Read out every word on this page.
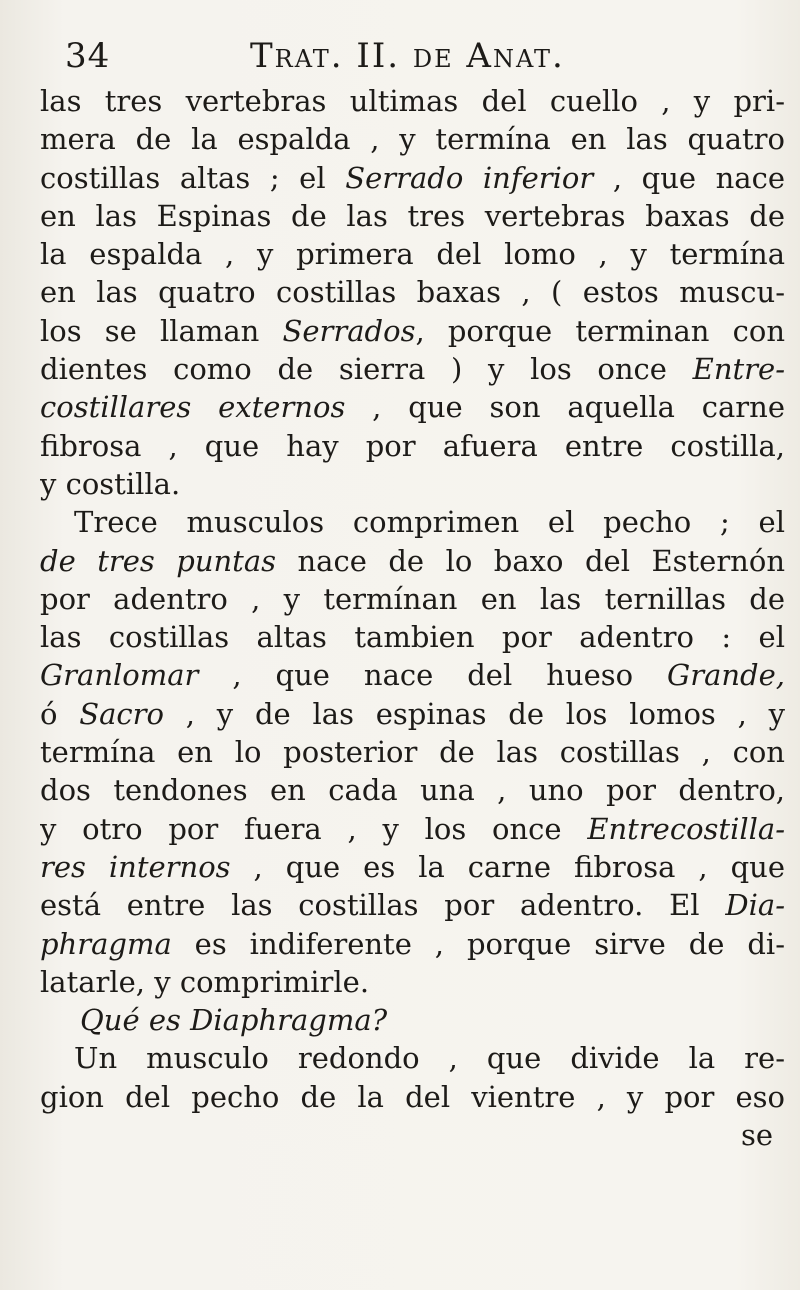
34	Trat. II. de Anat.
las tres vertebras ultimas del cuello , y pri-
mera de la espalda , y termína en las quatro
costillas altas ; el Serrado inferior , que nace
en las Espinas de las tres vertebras baxas de
la espalda , y primera del lomo , y termína
en las quatro costillas baxas , ( estos muscu-
los se llaman Serrados, porque terminan con
dientes como de sierra ) y los once Entre-
costillares externos , que son aquella carne
fibrosa , que hay por afuera entre costilla,
y costilla.
Trece musculos comprimen el pecho ; el
de tres puntas nace de lo baxo del Esternón
por adentro , y termínan en las ternillas de
las costillas altas tambien por adentro : el
Granlomar , que nace del hueso Grande,
ó Sacro , y de las espinas de los lomos , y
termína en lo posterior de las costillas , con
dos tendones en cada una , uno por dentro,
y otro por fuera , y los once Entrecostilla-
res internos , que es la carne fibrosa , que
está entre las costillas por adentro. El Dia-
phragma es indiferente , porque sirve de di-
latarle, y comprimirle.
Qué es Diaphragma?
Un musculo redondo , que divide la re-
gion del pecho de la del vientre , y por eso
se
